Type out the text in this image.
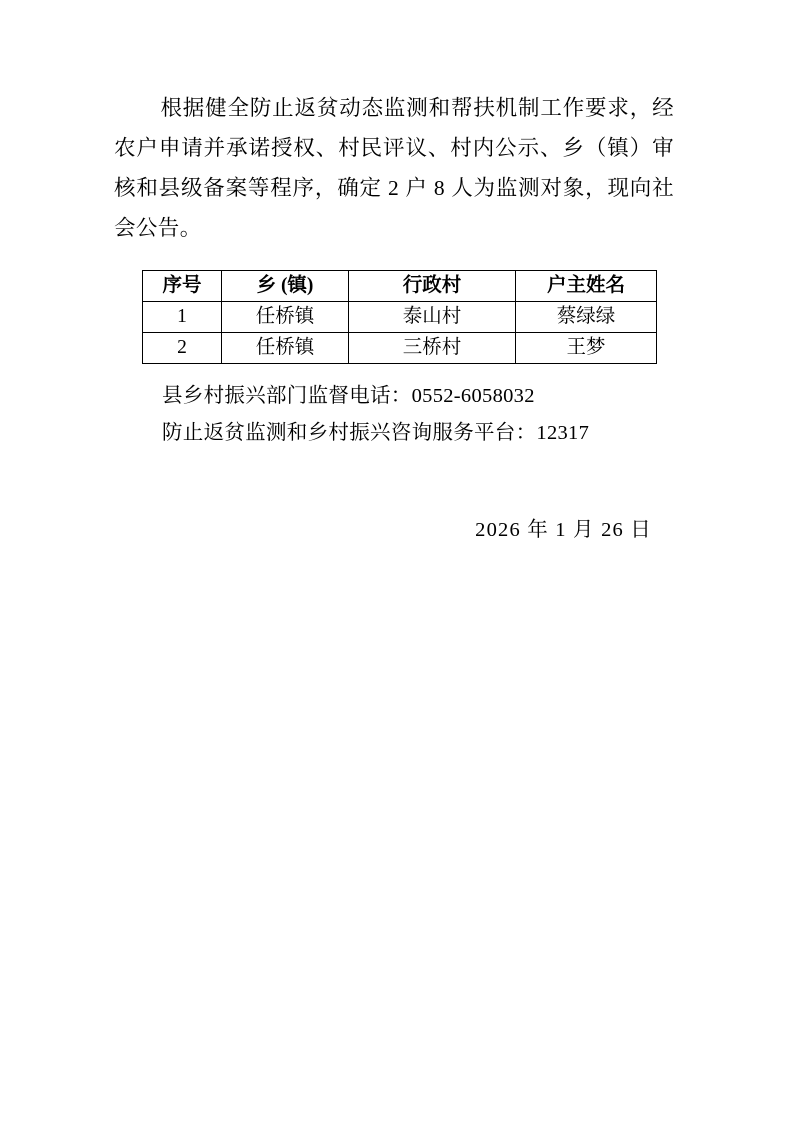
根据健全防止返贫动态监测和帮扶机制工作要求，经农户申请并承诺授权、村民评议、村内公示、乡（镇）审核和县级备案等程序，确定 2 户 8 人为监测对象，现向社会公告。

序号	乡 (镇)	行政村	户主姓名
1	任桥镇	泰山村	蔡绿绿
2	任桥镇	三桥村	王梦
县乡村振兴部门监督电话：0552-6058032
防止返贫监测和乡村振兴咨询服务平台：12317
2026 年 1 月 26 日
